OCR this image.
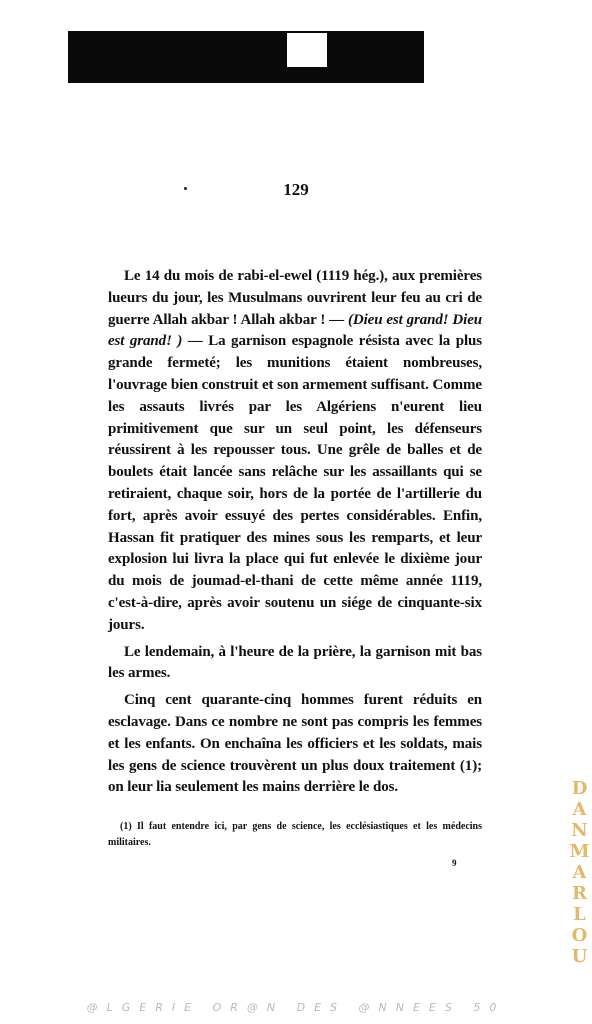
129

Le 14 du mois de rabi-el-ewel (1119 hég.), aux premières lueurs du jour, les Musulmans ouvrirent leur feu au cri de guerre Allah akbar ! Allah akbar ! — (Dieu est grand! Dieu est grand! ) — La garnison espagnole résista avec la plus grande fermeté; les munitions étaient nombreuses, l'ouvrage bien construit et son armement suffisant. Comme les assauts livrés par les Algériens n'eurent lieu primitivement que sur un seul point, les défenseurs réussirent à les repousser tous. Une grêle de balles et de boulets était lancée sans relâche sur les assaillants qui se retiraient, chaque soir, hors de la portée de l'artillerie du fort, après avoir essuyé des pertes considérables. Enfin, Hassan fit pratiquer des mines sous les remparts, et leur explosion lui livra la place qui fut enlevée le dixième jour du mois de joumad-el-thani de cette même année 1119, c'est-à-dire, après avoir soutenu un siége de cinquante-six jours.

Le lendemain, à l'heure de la prière, la garnison mit bas les armes.

Cinq cent quarante-cinq hommes furent réduits en esclavage. Dans ce nombre ne sont pas compris les femmes et les enfants. On enchaîna les officiers et les soldats, mais les gens de science trouvèrent un plus doux traitement (1); on leur lia seulement les mains derrière le dos.

(1) Il faut entendre ici, par gens de science, les ecclésiastiques et les médecins militaires.

9	DANMARLOU
@LGERIE OR@N DES @NNEES 50
